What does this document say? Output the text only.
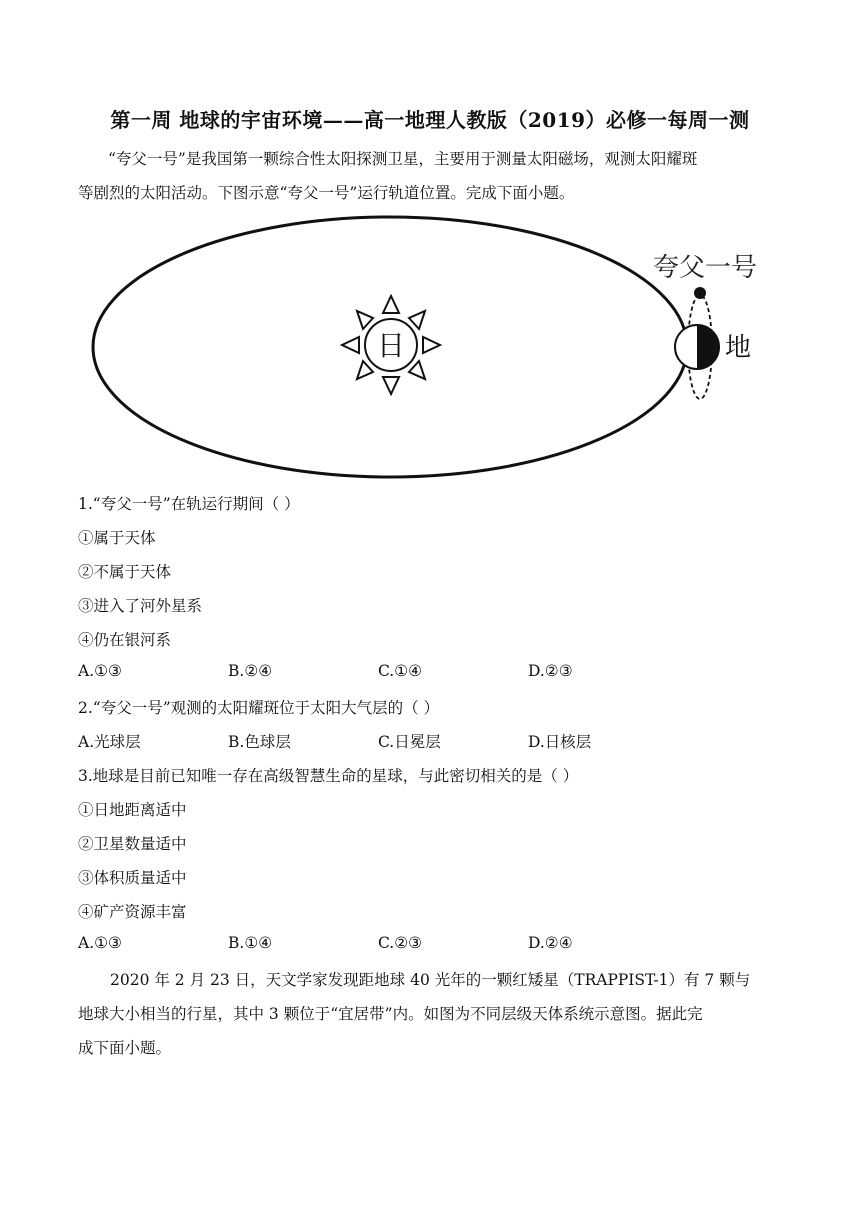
第一周 地球的宇宙环境——高一地理人教版（2019）必修一每周一测
“夸父一号”是我国第一颗综合性太阳探测卫星，主要用于测量太阳磁场，观测太阳耀斑
等剧烈的太阳活动。下图示意“夸父一号”运行轨道位置。完成下面小题。
日	地
夸父一号
1.“夸父一号”在轨运行期间（ ）
①属于天体
②不属于天体
③进入了河外星系
④仍在银河系
A.①③	B.②④	C.①④	D.②③
2.“夸父一号”观测的太阳耀斑位于太阳大气层的（ ）
A.光球层	B.色球层	C.日冕层	D.日核层
3.地球是目前已知唯一存在高级智慧生命的星球，与此密切相关的是（ ）
①日地距离适中
②卫星数量适中
③体积质量适中
④矿产资源丰富
A.①③	B.①④	C.②③	D.②④
2020 年 2 月 23 日，天文学家发现距地球 40 光年的一颗红矮星（TRAPPIST-1）有 7 颗与
地球大小相当的行星，其中 3 颗位于“宜居带”内。如图为不同层级天体系统示意图。据此完
成下面小题。
